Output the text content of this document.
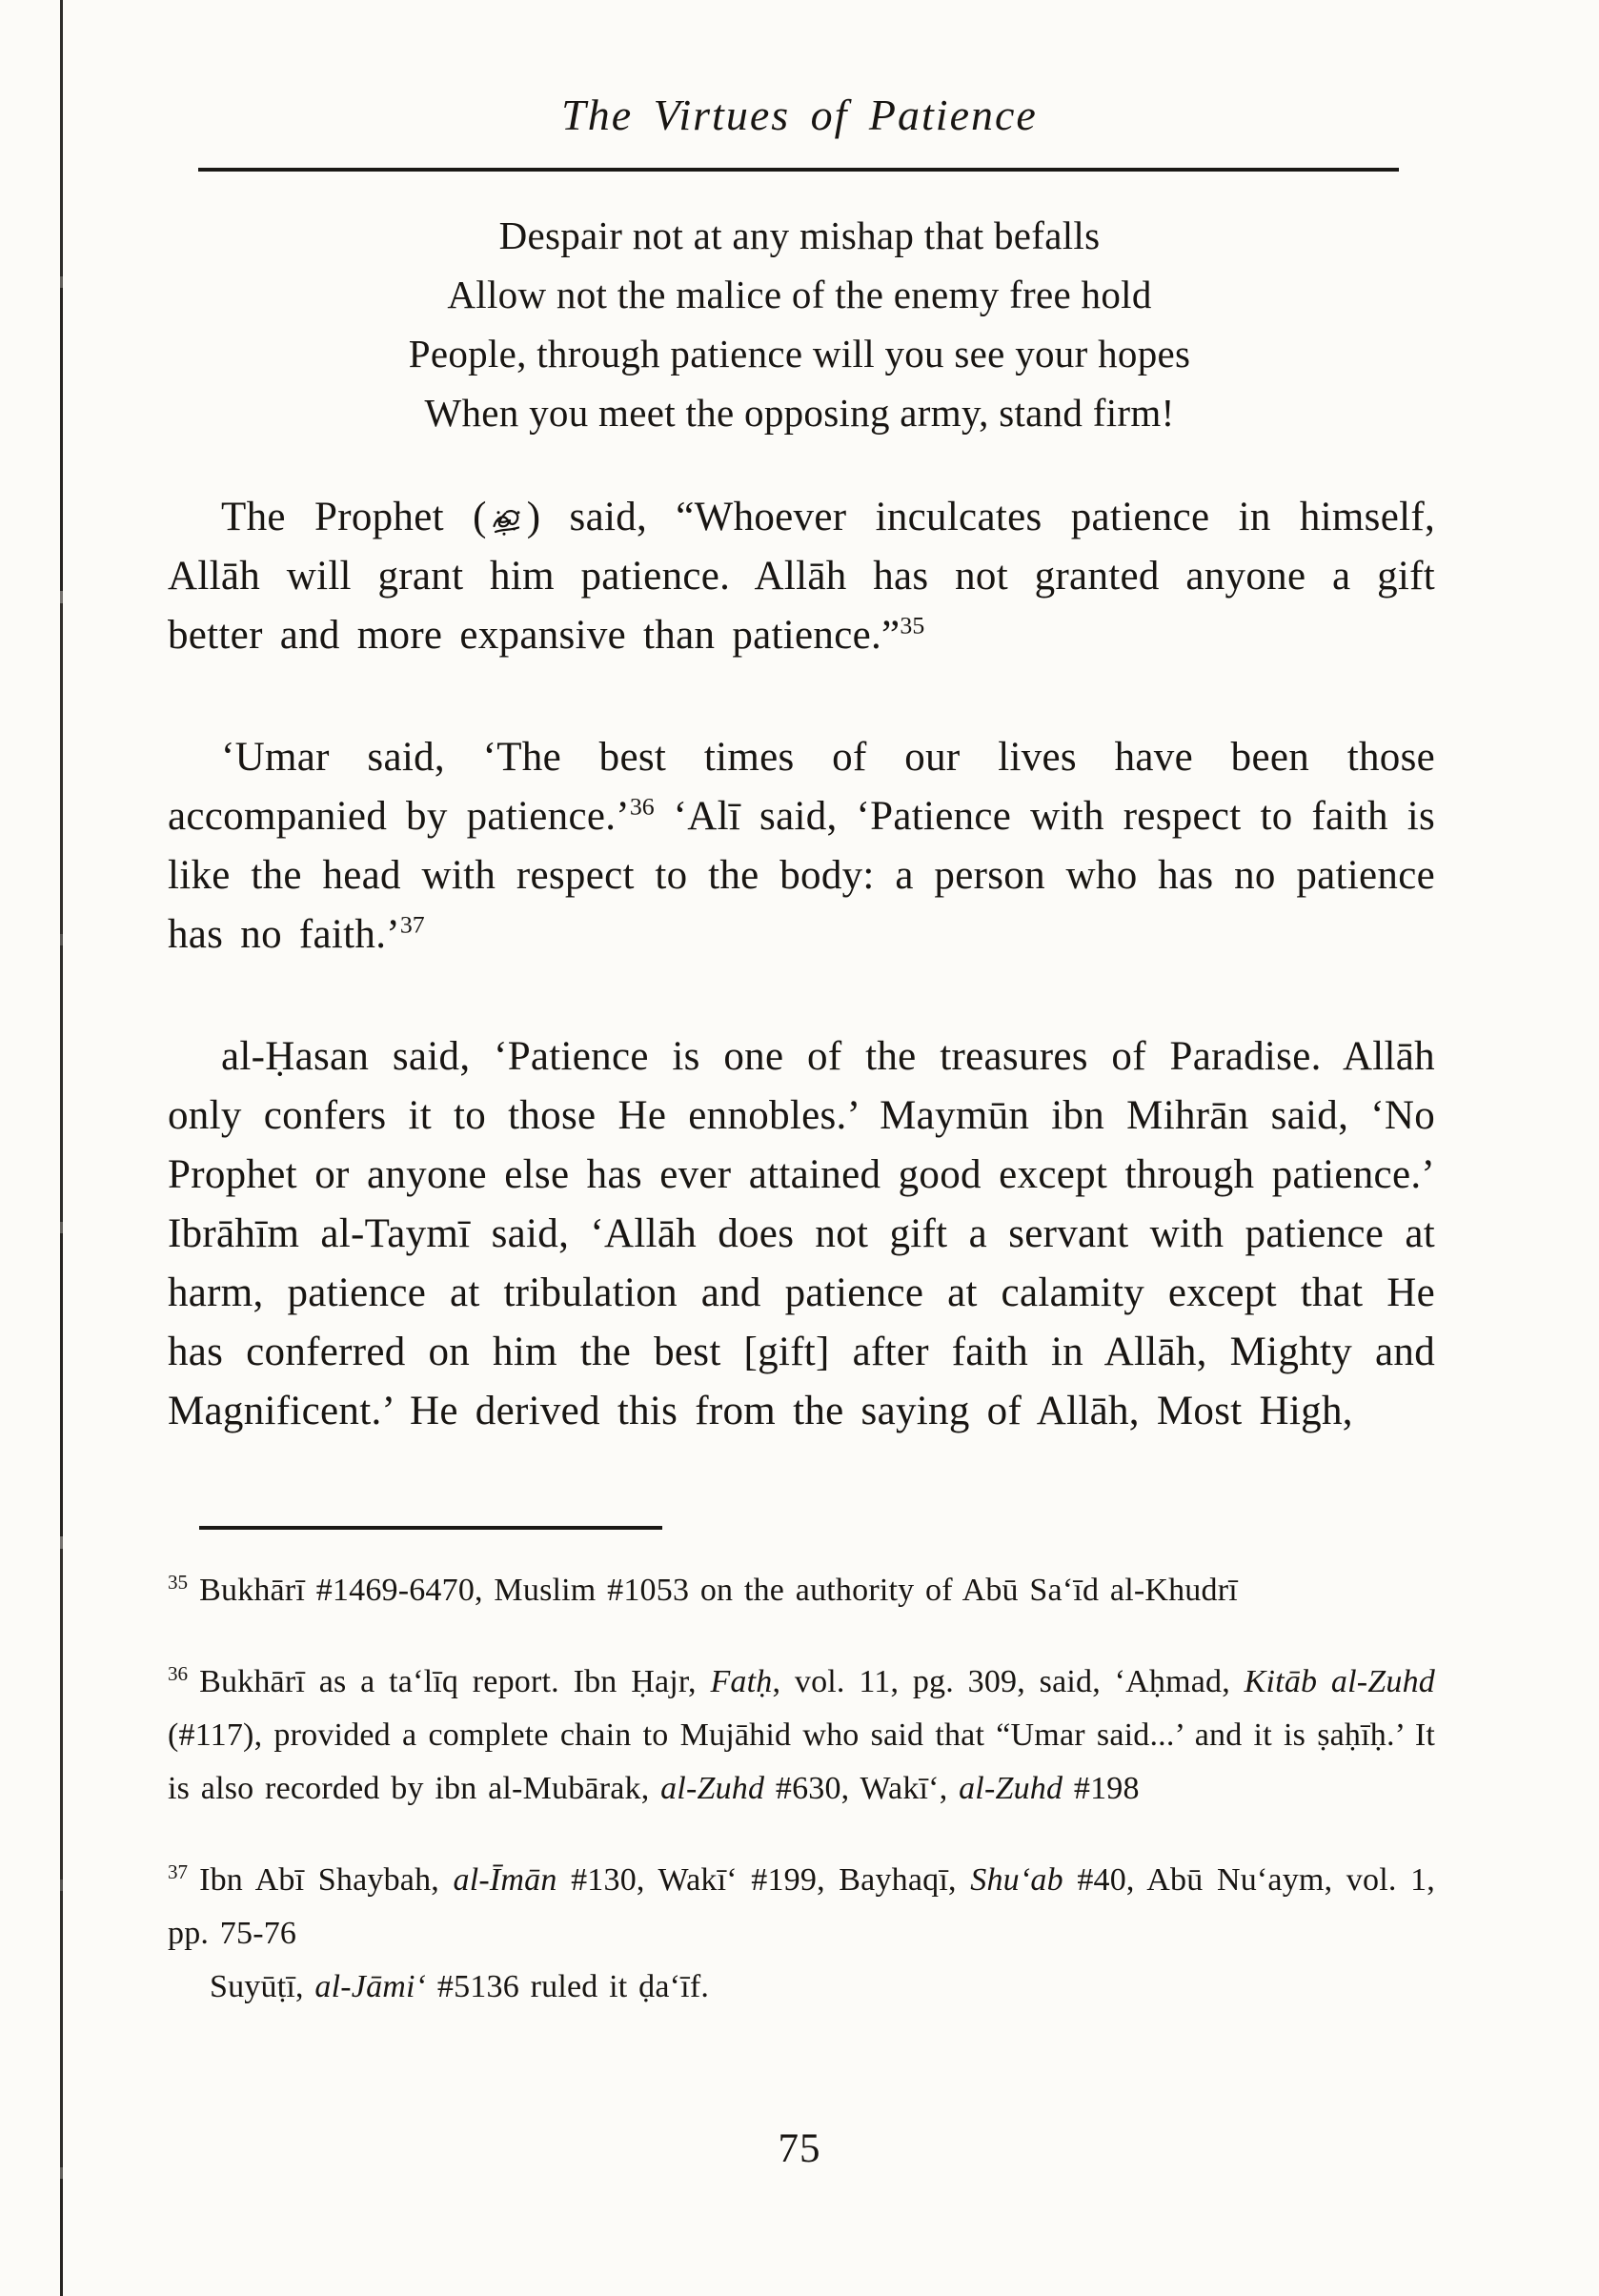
The Virtues of Patience
Despair not at any mishap that befalls
Allow not the malice of the enemy free hold
People, through patience will you see your hopes
When you meet the opposing army, stand firm!

The Prophet ( ) said, “Whoever inculcates patience in himself, Allāh will grant him patience. Allāh has not granted anyone a gift better and more expansive than patience.”$^{35}$

‘Umar said, ‘The best times of our lives have been those accompanied by patience.’$^{36}$ ‘Alī said, ‘Patience with respect to faith is like the head with respect to the body: a person who has no patience has no faith.’$^{37}$

al-Ḥasan said, ‘Patience is one of the treasures of Paradise. Allāh only confers it to those He ennobles.’ Maymūn ibn Mihrān said, ‘No Prophet or anyone else has ever attained good except through patience.’ Ibrāhīm al-Taymī said, ‘Allāh does not gift a servant with patience at harm, patience at tribulation and patience at calamity except that He has conferred on him the best [gift] after faith in Allāh, Mighty and Magnificent.’ He derived this from the saying of Allāh, Most High,

$^{35}$ Bukhārī #1469-6470, Muslim #1053 on the authority of Abū Sa‘īd al-Khudrī

$^{36}$ Bukhārī as a ta‘līq report. Ibn Ḥajr, Fatḥ, vol. 11, pg. 309, said, ‘Aḥmad, Kitāb al-Zuhd (#117), provided a complete chain to Mujāhid who said that “Umar said...’ and it is ṣaḥīḥ.’ It is also recorded by ibn al-Mubārak, al-Zuhd #630, Wakī‘, al-Zuhd #198

$^{37}$ Ibn Abī Shaybah, al-Īmān #130, Wakī‘ #199, Bayhaqī, Shu‘ab #40, Abū Nu‘aym, vol. 1, pp. 75-76

Suyūṭī, al-Jāmi‘ #5136 ruled it ḍa‘īf.

75
